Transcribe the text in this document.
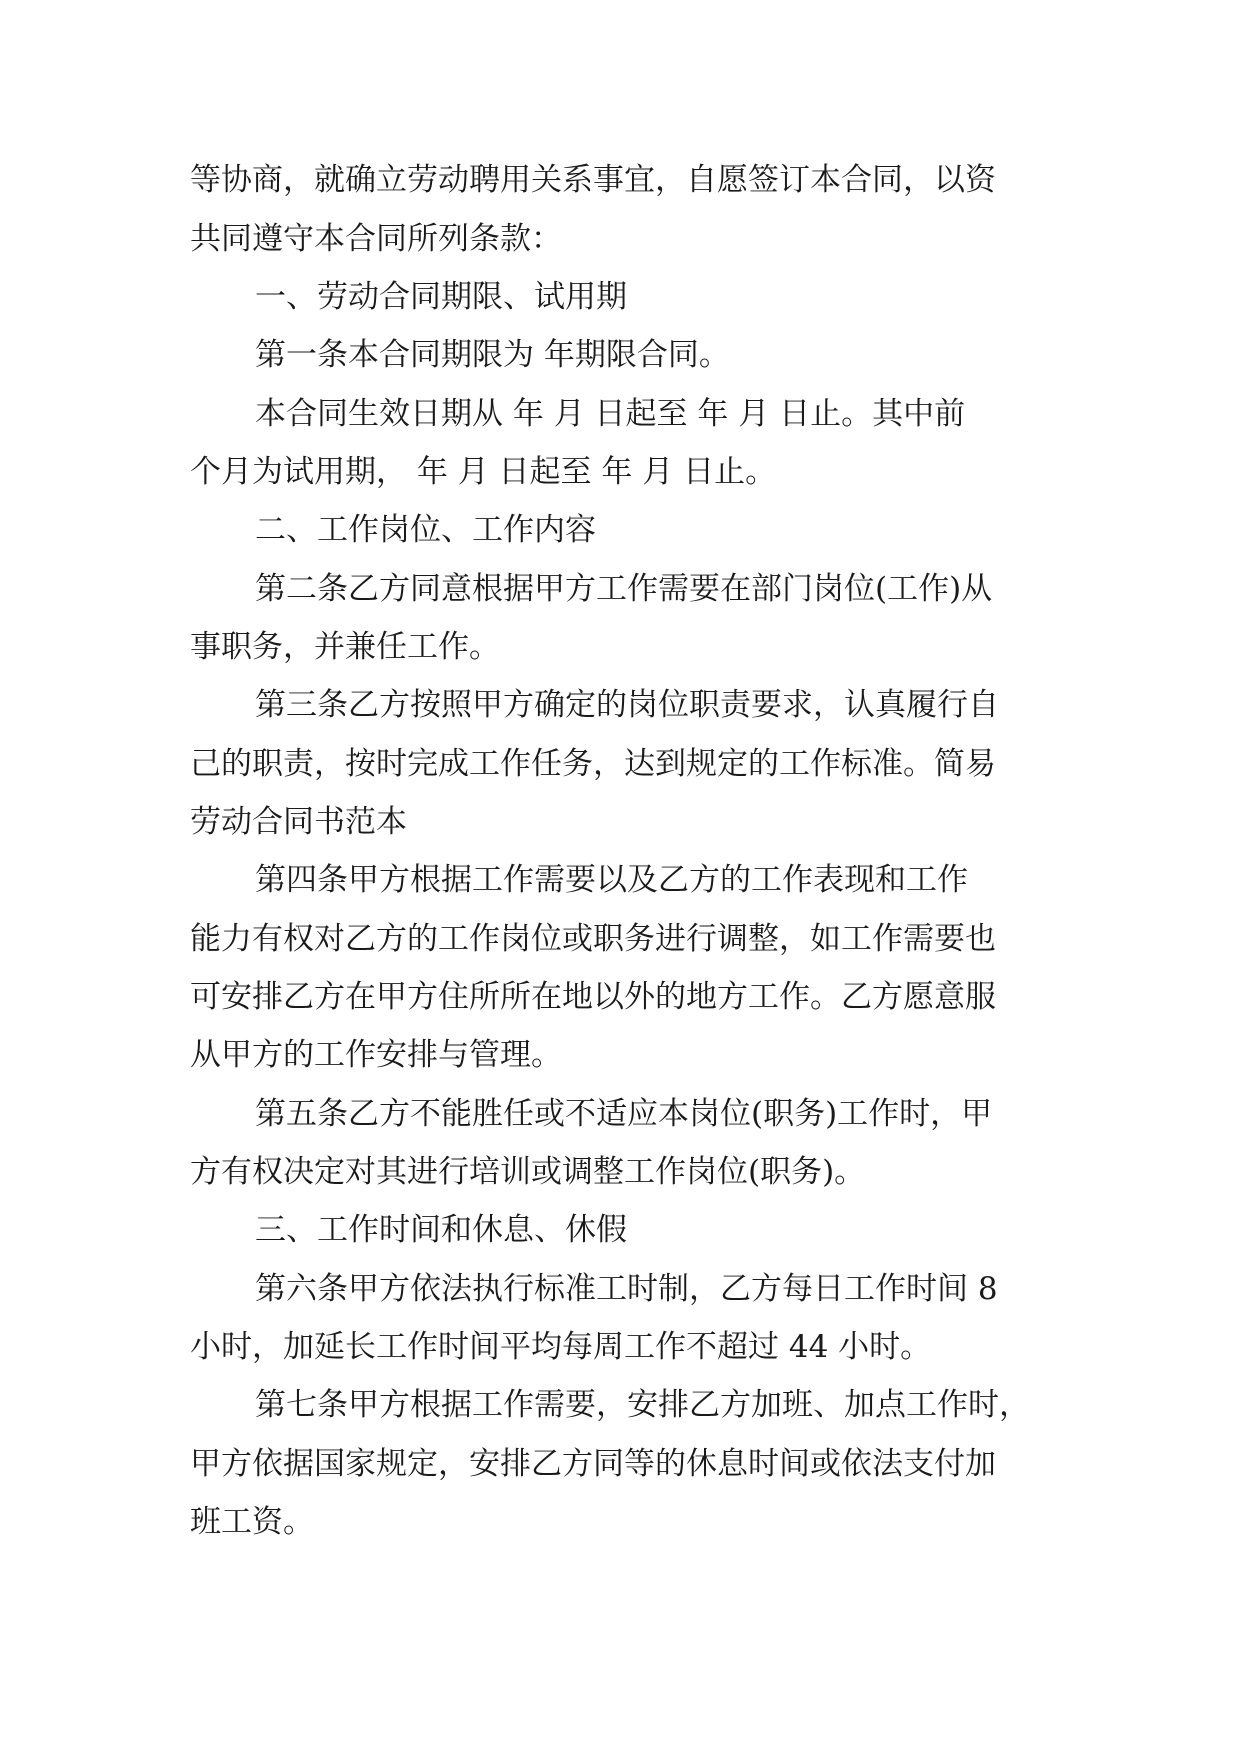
等协商，就确立劳动聘用关系事宜，自愿签订本合同，以资
共同遵守本合同所列条款：
一、劳动合同期限、试用期
第一条本合同期限为 年期限合同。
本合同生效日期从 年 月 日起至 年 月 日止。其中前
个月为试用期， 年 月 日起至 年 月 日止。
二、工作岗位、工作内容
第二条乙方同意根据甲方工作需要在部门岗位(工作)从
事职务，并兼任工作。
第三条乙方按照甲方确定的岗位职责要求，认真履行自
己的职责，按时完成工作任务，达到规定的工作标准。简易
劳动合同书范本
第四条甲方根据工作需要以及乙方的工作表现和工作
能力有权对乙方的工作岗位或职务进行调整，如工作需要也
可安排乙方在甲方住所所在地以外的地方工作。乙方愿意服
从甲方的工作安排与管理。
第五条乙方不能胜任或不适应本岗位(职务)工作时，甲
方有权决定对其进行培训或调整工作岗位(职务)。
三、工作时间和休息、休假
第六条甲方依法执行标准工时制，乙方每日工作时间 8
小时，加延长工作时间平均每周工作不超过 44 小时。
第七条甲方根据工作需要，安排乙方加班、加点工作时，
甲方依据国家规定，安排乙方同等的休息时间或依法支付加
班工资。
